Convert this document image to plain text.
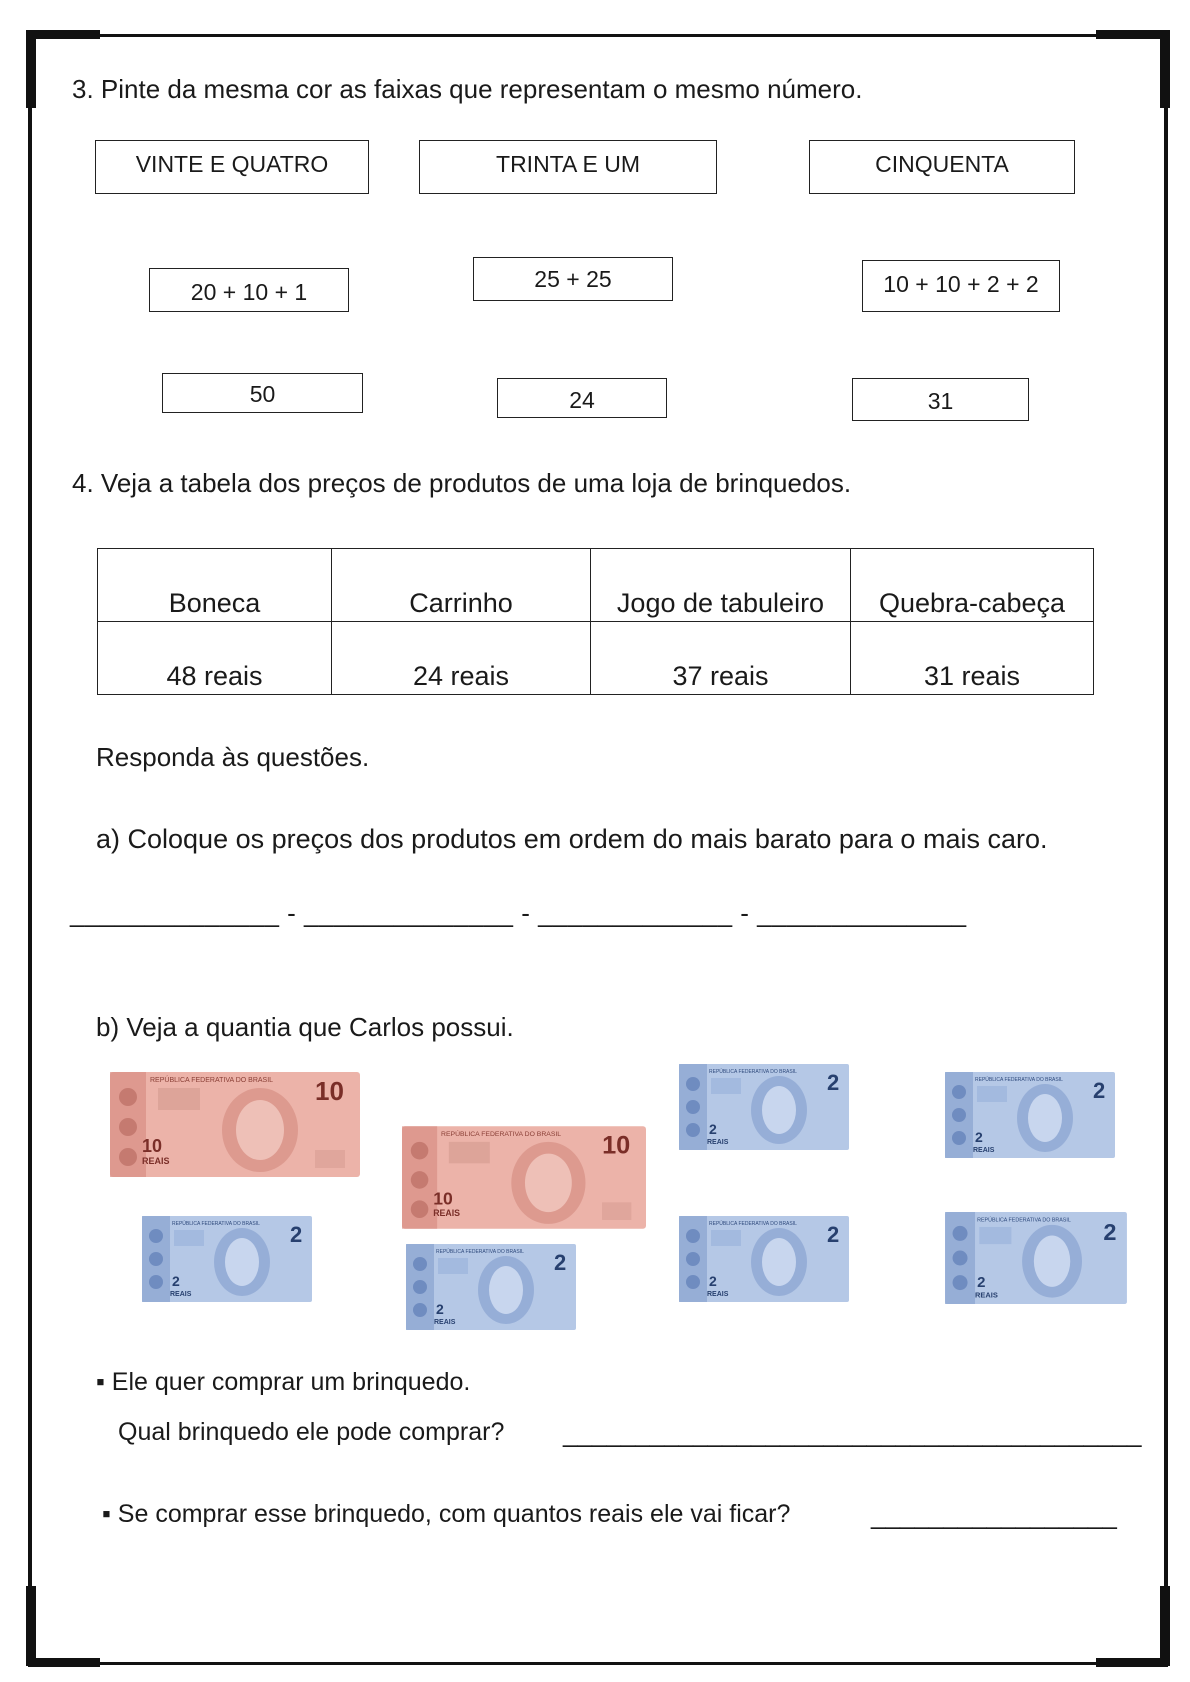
3. Pinte da mesma cor as faixas que representam o mesmo número.
VINTE E QUATRO	TRINTA E UM	CINQUENTA
20 + 10 + 1	25 + 25	10 + 10 + 2 + 2
50	24	31
4. Veja a tabela dos preços de produtos de uma loja de brinquedos.
Boneca	Carrinho	Jogo de tabuleiro	Quebra-cabeça
48 reais	24 reais	37 reais	31 reais
Responda às questões.
a) Coloque os preços dos produtos em ordem do mais barato para o mais caro.
______________ - ______________ - _____________ - ______________
b) Veja a quantia que Carlos possui.
REPÚBLICA FEDERATIVA DO BRASIL 10
10
REAIS
REPÚBLICA FEDERATIVA DO BRASIL 10
10
REAIS
REPÚBLICA FEDERATIVA DO BRASIL 2
2
REAIS
REPÚBLICA FEDERATIVA DO BRASIL 2
2
REAIS
REPÚBLICA FEDERATIVA DO BRASIL 2
2
REAIS
REPÚBLICA FEDERATIVA DO BRASIL 2
2
REAIS
REPÚBLICA FEDERATIVA DO BRASIL 2
2
REAIS
REPÚBLICA FEDERATIVA DO BRASIL 2
2
REAIS
▪ Ele quer comprar um brinquedo.
Qual brinquedo ele pode comprar? ________________________________________
▪ Se comprar esse brinquedo, com quantos reais ele vai ficar?	_________________
